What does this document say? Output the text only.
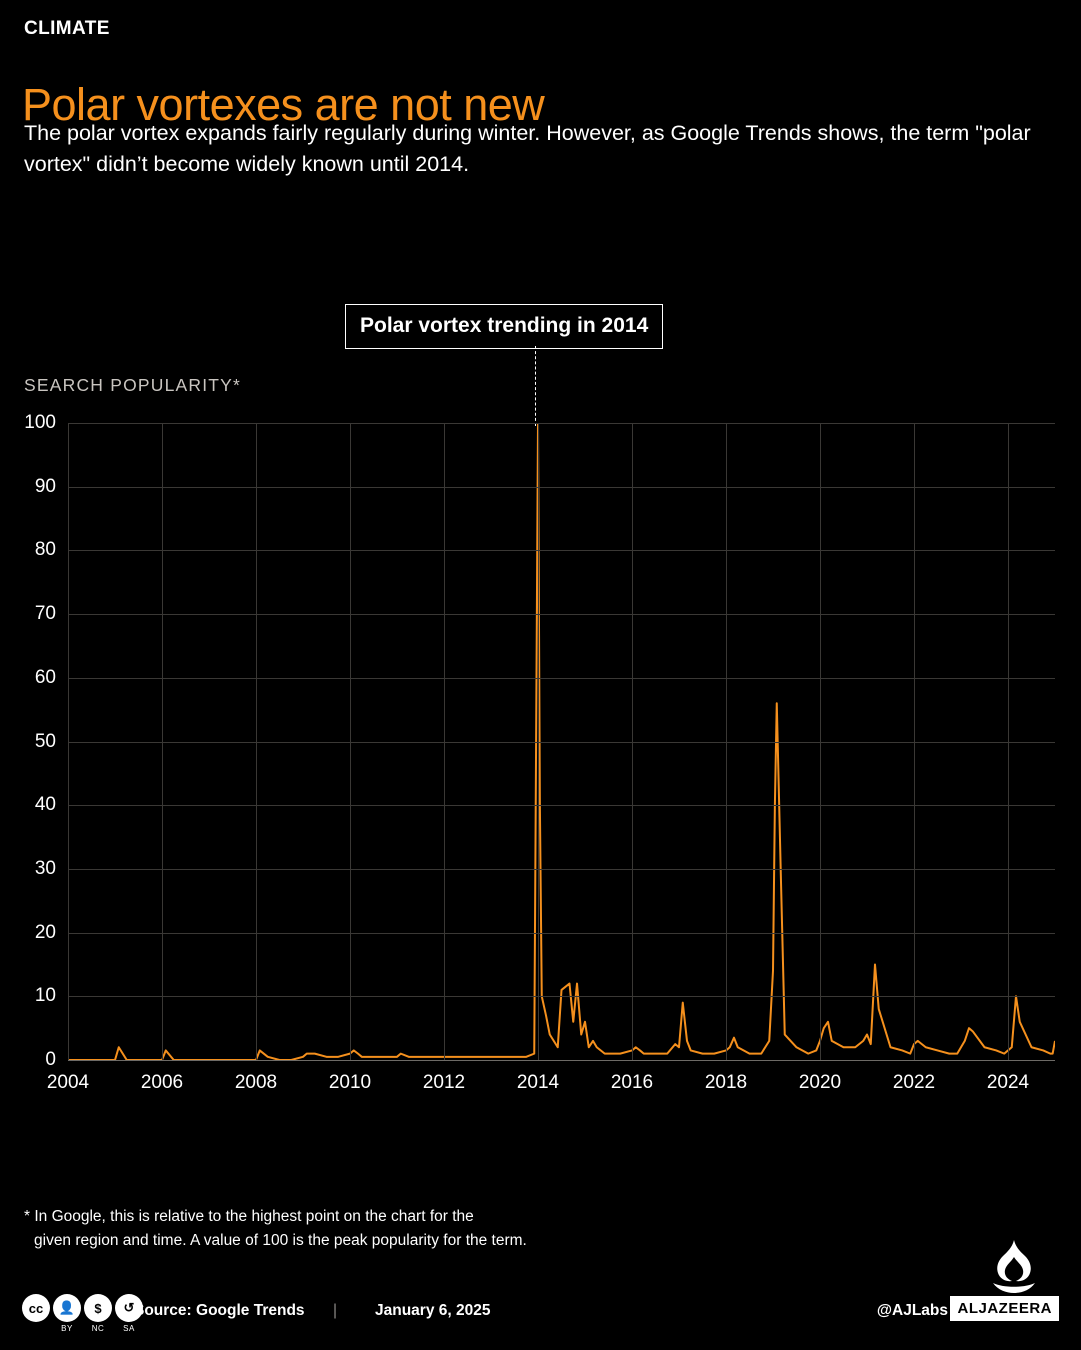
CLIMATE
Polar vortexes are not new
The polar vortex expands fairly regularly during winter. However, as Google Trends shows, the term "polar vortex" didn’t become widely known until 2014.
Polar vortex trending in 2014
SEARCH POPULARITY*
0
10
20
30
40
50
60
70
80
90
100
2004	2006	2008	2010	2012	2014	2016	2018	2020	2022	2024
* In Google, this is relative to the highest point on the chart for the
given region and time. A value of 100 is the peak popularity for the term.
cc	👤	$	↺
BY	NC	SA
Source: Google Trends | January 6, 2025	@AJLabs ALJAZEERA
